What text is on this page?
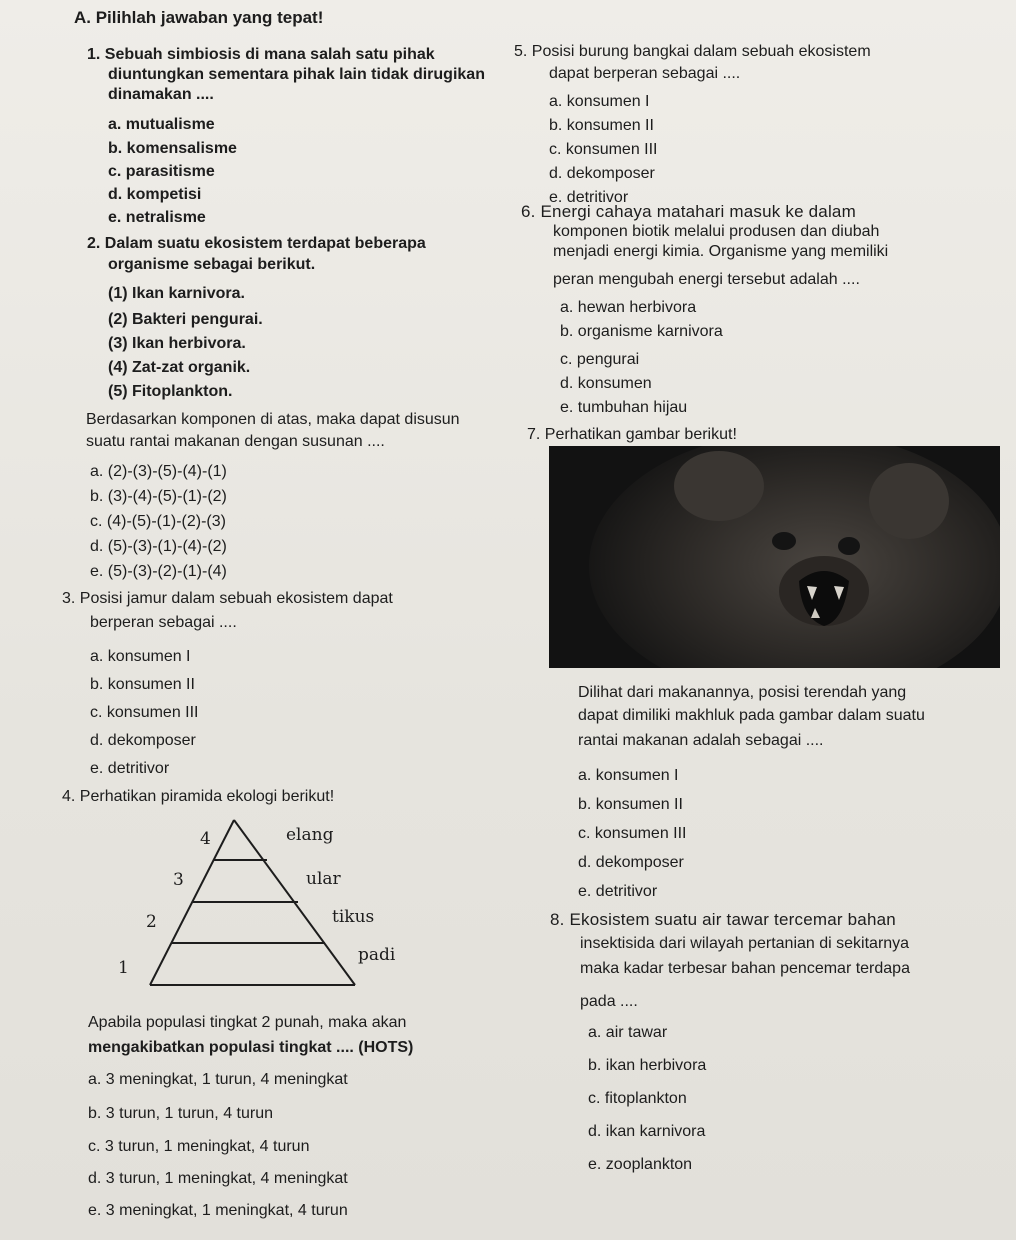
A. Pilihlah jawaban yang tepat!
1. Sebuah simbiosis di mana salah satu pihak
diuntungkan sementara pihak lain tidak dirugikan
dinamakan ....
a. mutualisme
b. komensalisme
c. parasitisme
d. kompetisi
e. netralisme
2. Dalam suatu ekosistem terdapat beberapa
organisme sebagai berikut.
(1) Ikan karnivora.
(2) Bakteri pengurai.
(3) Ikan herbivora.
(4) Zat-zat organik.
(5) Fitoplankton.
Berdasarkan komponen di atas, maka dapat disusun
suatu rantai makanan dengan susunan ....
a. (2)-(3)-(5)-(4)-(1)
b. (3)-(4)-(5)-(1)-(2)
c. (4)-(5)-(1)-(2)-(3)
d. (5)-(3)-(1)-(4)-(2)
e. (5)-(3)-(2)-(1)-(4)
3. Posisi jamur dalam sebuah ekosistem dapat
berperan sebagai ....
a. konsumen I
b. konsumen II
c. konsumen III
d. dekomposer
e. detritivor
4. Perhatikan piramida ekologi berikut!
4	elang
3	ular
2	tikus
1
padi
Apabila populasi tingkat 2 punah, maka akan
mengakibatkan populasi tingkat .... (HOTS)
a. 3 meningkat, 1 turun, 4 meningkat
b. 3 turun, 1 turun, 4 turun
c. 3 turun, 1 meningkat, 4 turun
d. 3 turun, 1 meningkat, 4 meningkat
e. 3 meningkat, 1 meningkat, 4 turun
5. Posisi burung bangkai dalam sebuah ekosistem
dapat berperan sebagai ....
a. konsumen I
b. konsumen II
c. konsumen III
d. dekomposer
e. detritivor
6. Energi cahaya matahari masuk ke dalam
komponen biotik melalui produsen dan diubah
menjadi energi kimia. Organisme yang memiliki
peran mengubah energi tersebut adalah ....
a. hewan herbivora
b. organisme karnivora
c. pengurai
d. konsumen
e. tumbuhan hijau
7. Perhatikan gambar berikut!
Dilihat dari makanannya, posisi terendah yang
dapat dimiliki makhluk pada gambar dalam suatu
rantai makanan adalah sebagai ....
a. konsumen I
b. konsumen II
c. konsumen III
d. dekomposer
e. detritivor
8. Ekosistem suatu air tawar tercemar bahan
insektisida dari wilayah pertanian di sekitarnya
maka kadar terbesar bahan pencemar terdapa
pada ....
a. air tawar
b. ikan herbivora
c. fitoplankton
d. ikan karnivora
e. zooplankton
